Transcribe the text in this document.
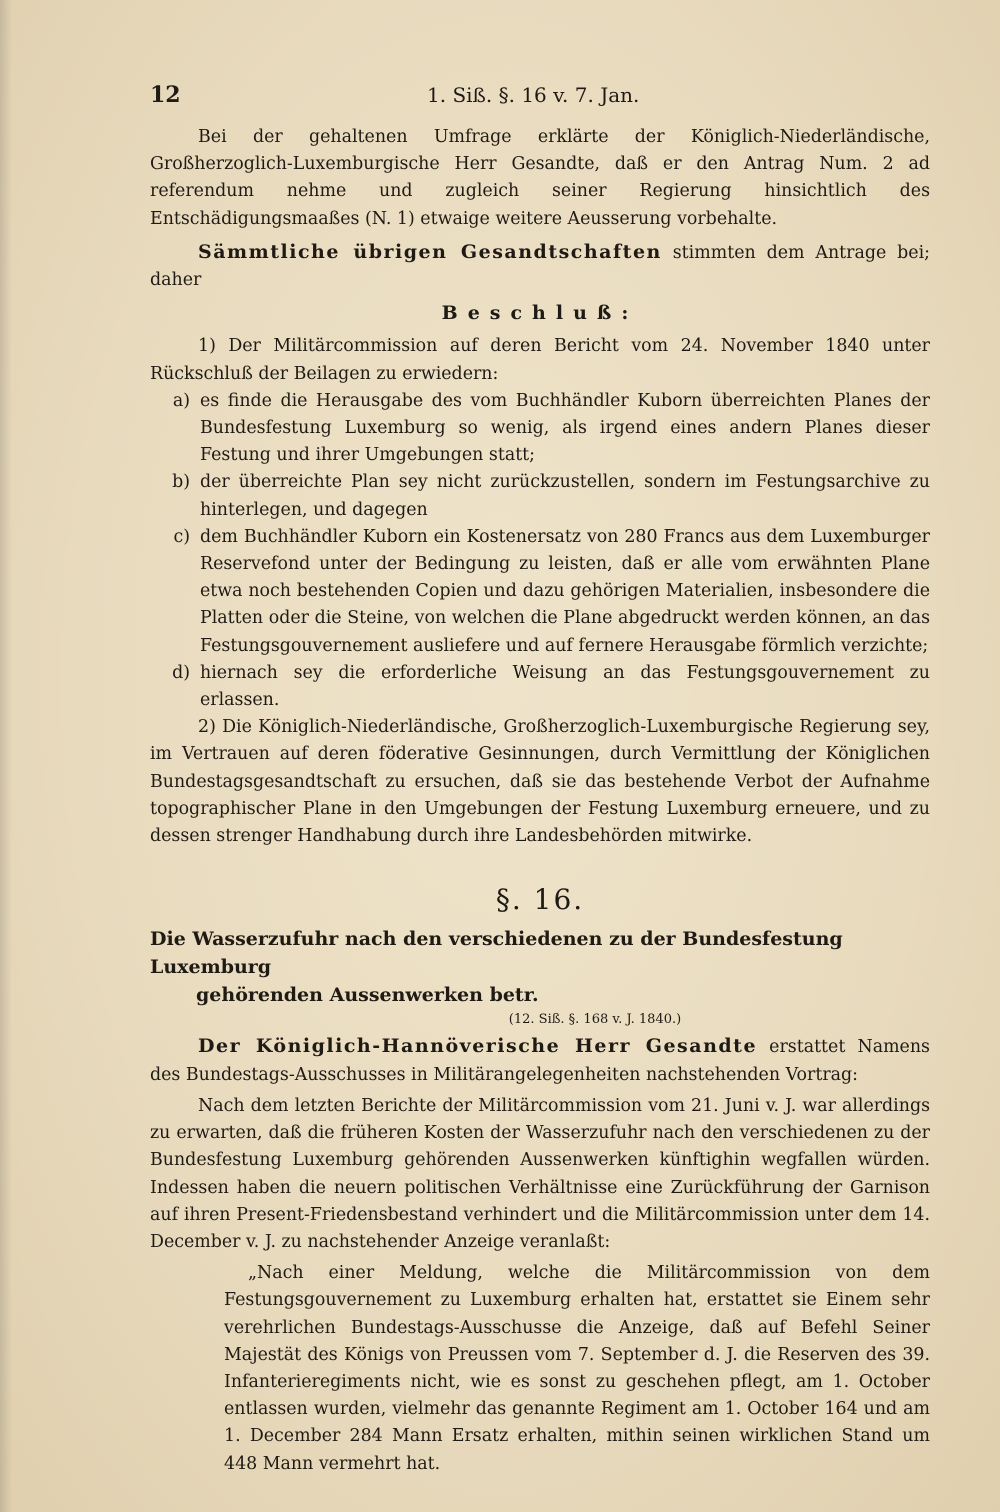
12	1. Siß. §. 16 v. 7. Jan.

Bei der gehaltenen Umfrage erklärte der Königlich-Niederländische, Großherzoglich-Luxemburgische Herr Gesandte, daß er den Antrag Num. 2 ad referendum nehme und zugleich seiner Regierung hinsichtlich des Entschädigungsmaaßes (N. 1) etwaige weitere Aeusserung vorbehalte.

Sämmtliche übrigen Gesandtschaften stimmten dem Antrage bei; daher

Beschluß:

1) Der Militärcommission auf deren Bericht vom 24. November 1840 unter Rückschluß der Beilagen zu erwiedern:

a) es finde die Herausgabe des vom Buchhändler Kuborn überreichten Planes der Bundesfestung Luxemburg so wenig, als irgend eines andern Planes dieser Festung und ihrer Umgebungen statt;
b) der überreichte Plan sey nicht zurückzustellen, sondern im Festungsarchive zu hinterlegen, und dagegen
c) dem Buchhändler Kuborn ein Kostenersatz von 280 Francs aus dem Luxemburger Reservefond unter der Bedingung zu leisten, daß er alle vom erwähnten Plane etwa noch bestehenden Copien und dazu gehörigen Materialien, insbesondere die Platten oder die Steine, von welchen die Plane abgedruckt werden können, an das Festungsgouvernement ausliefere und auf fernere Herausgabe förmlich verzichte;
d) hiernach sey die erforderliche Weisung an das Festungsgouvernement zu erlassen.

2) Die Königlich-Niederländische, Großherzoglich-Luxemburgische Regierung sey, im Vertrauen auf deren föderative Gesinnungen, durch Vermittlung der Königlichen Bundestagsgesandtschaft zu ersuchen, daß sie das bestehende Verbot der Aufnahme topographischer Plane in den Umgebungen der Festung Luxemburg erneuere, und zu dessen strenger Handhabung durch ihre Landesbehörden mitwirke.

§. 16.
Die Wasserzufuhr nach den verschiedenen zu der Bundesfestung Luxemburg
gehörenden Aussenwerken betr.
(12. Siß. §. 168 v. J. 1840.)

Der Königlich-Hannöverische Herr Gesandte erstattet Namens des Bundestags-Ausschusses in Militärangelegenheiten nachstehenden Vortrag:

Nach dem letzten Berichte der Militärcommission vom 21. Juni v. J. war allerdings zu erwarten, daß die früheren Kosten der Wasserzufuhr nach den verschiedenen zu der Bundesfestung Luxemburg gehörenden Aussenwerken künftighin wegfallen würden. Indessen haben die neuern politischen Verhältnisse eine Zurückführung der Garnison auf ihren Present-Friedensbestand verhindert und die Militärcommission unter dem 14. December v. J. zu nachstehender Anzeige veranlaßt:

„Nach einer Meldung, welche die Militärcommission von dem Festungsgouvernement zu Luxemburg erhalten hat, erstattet sie Einem sehr verehrlichen Bundestags-Ausschusse die Anzeige, daß auf Befehl Seiner Majestät des Königs von Preussen vom 7. September d. J. die Reserven des 39. Infanterieregiments nicht, wie es sonst zu geschehen pflegt, am 1. October entlassen wurden, vielmehr das genannte Regiment am 1. October 164 und am 1. December 284 Mann Ersatz erhalten, mithin seinen wirklichen Stand um 448 Mann vermehrt hat.
